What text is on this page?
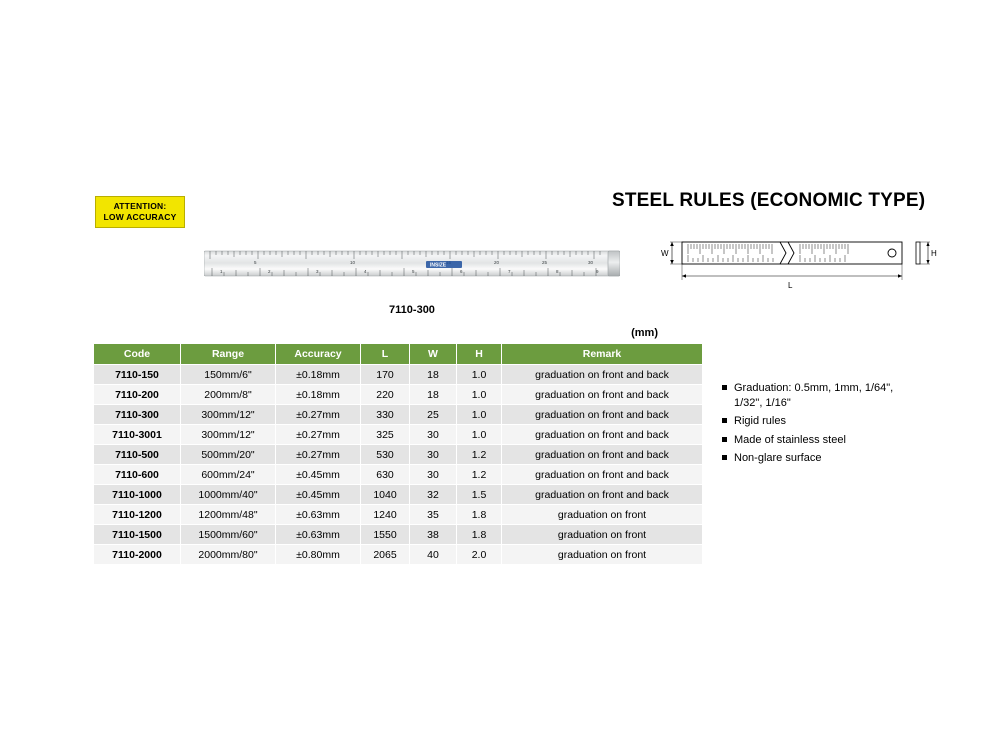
ATTENTION:
LOW ACCURACY
STEEL RULES (ECONOMIC TYPE)
5	10	20	25	30
1	2	3	4	5	6	7	8	9
INSIZE
7110-300
W
L
H
(mm)
Code	Range	Accuracy	L	W	H	Remark
7110-150	150mm/6"	±0.18mm	170	18	1.0	graduation on front and back
7110-200	200mm/8"	±0.18mm	220	18	1.0	graduation on front and back
7110-300	300mm/12"	±0.27mm	330	25	1.0	graduation on front and back
7110-3001	300mm/12"	±0.27mm	325	30	1.0	graduation on front and back
7110-500	500mm/20"	±0.27mm	530	30	1.2	graduation on front and back
7110-600	600mm/24"	±0.45mm	630	30	1.2	graduation on front and back
7110-1000	1000mm/40"	±0.45mm	1040	32	1.5	graduation on front and back
7110-1200	1200mm/48"	±0.63mm	1240	35	1.8	graduation on front
7110-1500	1500mm/60"	±0.63mm	1550	38	1.8	graduation on front
7110-2000	2000mm/80"	±0.80mm	2065	40	2.0	graduation on front
Graduation: 0.5mm, 1mm, 1/64", 1/32", 1/16"
Rigid rules
Made of stainless steel
Non-glare surface
